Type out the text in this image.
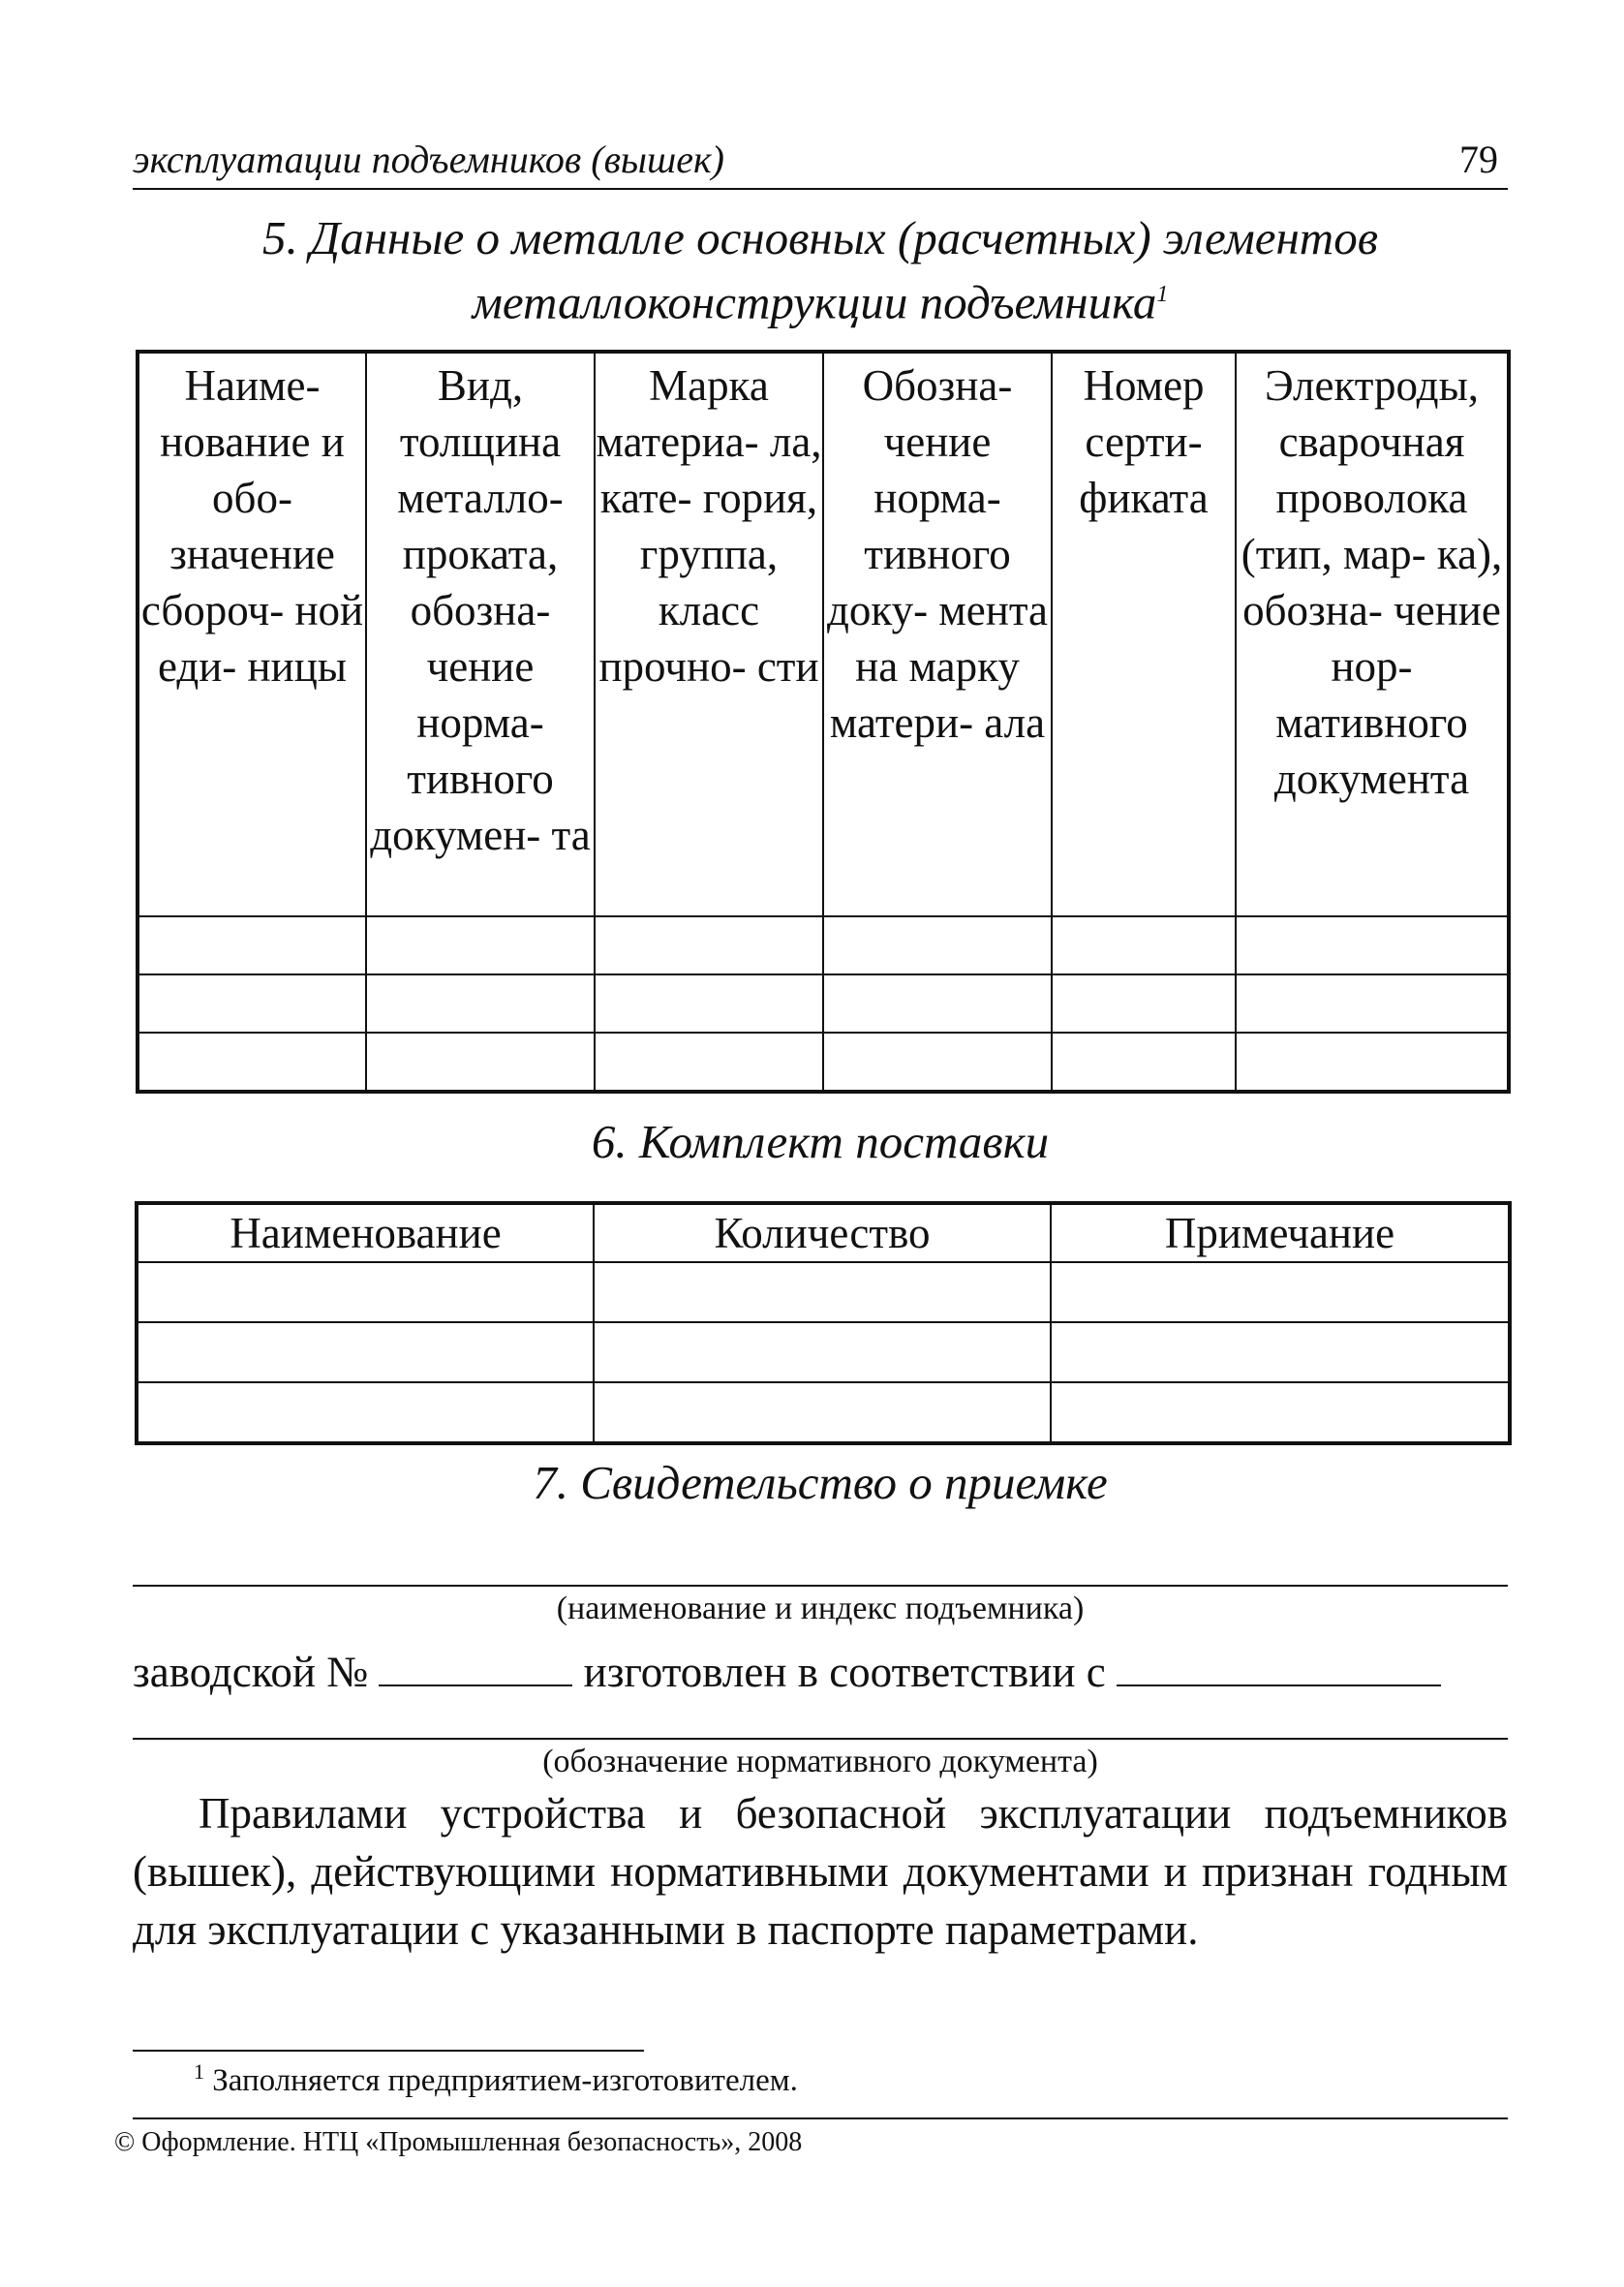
эксплуатации подъемников (вышек)	79
5. Данные о металле основных (расчетных) элементов
металлоконструкции подъемника$^1$
Наиме- нование и обо- значение сбороч- ной еди- ницы	Вид, толщина металло- проката, обозна- чение норма- тивного докумен- та	Марка материа- ла, кате- гория, группа, класс прочно- сти	Обозна- чение норма- тивного доку- мента на марку матери- ала	Номер серти- фиката	Электроды, сварочная проволока (тип, мар- ка), обозна- чение нор- мативного документа

6. Комплект поставки
Наименование	Количество	Примечание

7. Свидетельство о приемке
(наименование и индекс подъемника)
заводской №	изготовлен в соответствии с
(обозначение нормативного документа)
Правилами устройства и безопасной эксплуатации подъемников (вышек), действующими нормативными документами и признан годным для эксплуатации с указанными в паспорте параметрами.
$^1$ Заполняется предприятием-изготовителем.
© Оформление. НТЦ «Промышленная безопасность», 2008
